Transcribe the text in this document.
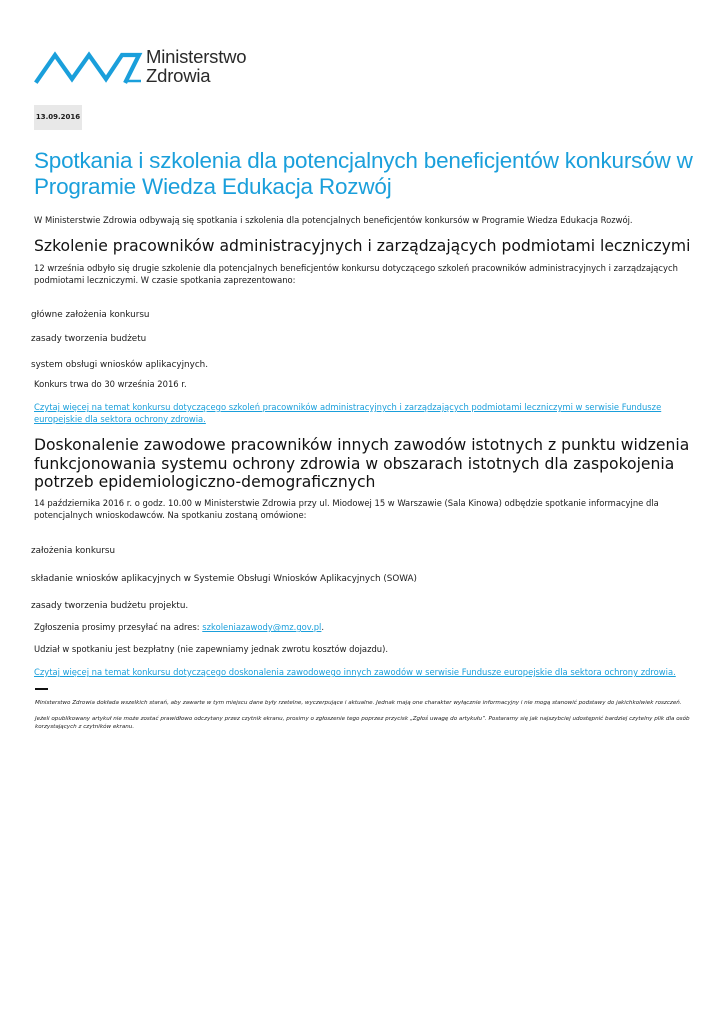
Ministerstwo
Zdrowia
13.09.2016
Spotkania i szkolenia dla potencjalnych beneficjentów konkursów w Programie Wiedza Edukacja Rozwój

W Ministerstwie Zdrowia odbywają się spotkania i szkolenia dla potencjalnych beneficjentów konkursów w Programie Wiedza Edukacja Rozwój.

Szkolenie pracowników administracyjnych i zarządzających podmiotami leczniczymi

12 września odbyło się drugie szkolenie dla potencjalnych beneficjentów konkursu dotyczącego szkoleń pracowników administracyjnych i zarządzających podmiotami leczniczymi. W czasie spotkania zaprezentowano:

główne założenia konkursu

zasady tworzenia budżetu

system obsługi wniosków aplikacyjnych.

Konkurs trwa do 30 września 2016 r.

Czytaj więcej na temat konkursu dotyczącego szkoleń pracowników administracyjnych i zarządzających podmiotami leczniczymi w serwisie Fundusze europejskie dla sektora ochrony zdrowia.

Doskonalenie zawodowe pracowników innych zawodów istotnych z punktu widzenia funkcjonowania systemu ochrony zdrowia w obszarach istotnych dla zaspokojenia potrzeb epidemiologiczno-demograficznych

14 października 2016 r. o godz. 10.00 w Ministerstwie Zdrowia przy ul. Miodowej 15 w Warszawie (Sala Kinowa) odbędzie spotkanie informacyjne dla potencjalnych wnioskodawców. Na spotkaniu zostaną omówione:

założenia konkursu

składanie wniosków aplikacyjnych w Systemie Obsługi Wniosków Aplikacyjnych (SOWA)

zasady tworzenia budżetu projektu.

Zgłoszenia prosimy przesyłać na adres: szkoleniazawody@mz.gov.pl.

Udział w spotkaniu jest bezpłatny (nie zapewniamy jednak zwrotu kosztów dojazdu).

Czytaj więcej na temat konkursu dotyczącego doskonalenia zawodowego innych zawodów w serwisie Fundusze europejskie dla sektora ochrony zdrowia.

Ministerstwo Zdrowia dokłada wszelkich starań, aby zawarte w tym miejscu dane były rzetelne, wyczerpujące i aktualne. Jednak mają one charakter wyłącznie informacyjny i nie mogą stanowić podstawy do jakichkolwiek roszczeń.

Jeżeli opublikowany artykuł nie może zostać prawidłowo odczytany przez czytnik ekranu, prosimy o zgłoszenie tego poprzez przycisk „Zgłoś uwagę do artykułu”. Postaramy się jak najszybciej udostępnić bardziej czytelny plik dla osób korzystających z czytników ekranu.
